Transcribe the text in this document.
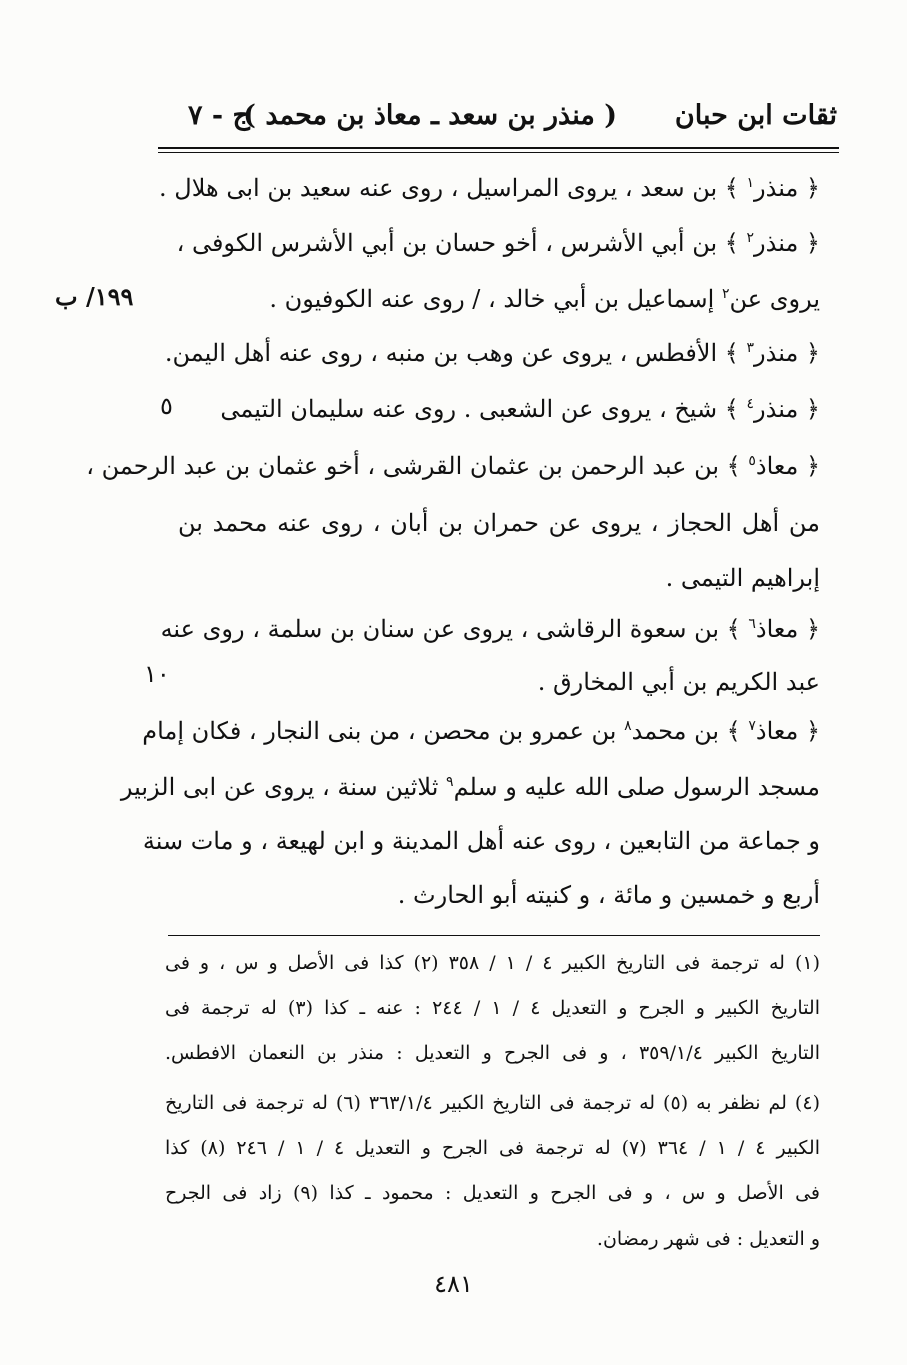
ثقات ابن حبان
( منذر بن سعد ـ معاذ بن محمد )
ج - ٧
١٩٩/ ب
٥
١٠
﴿ منذر$^١$ ﴾ بن سعد ، يروى المراسيل ، روى عنه سعيد بن ابى هلال .
﴿ منذر$^٢$ ﴾ بن أبي الأشرس ، أخو حسان بن أبي الأشرس الكوفى ،
يروى عن$^٢$ إسماعيل بن أبي خالد ، / روى عنه الكوفيون .
﴿ منذر$^٣$ ﴾ الأفطس ، يروى عن وهب بن منبه ، روى عنه أهل اليمن.
﴿ منذر$^٤$ ﴾ شيخ ، يروى عن الشعبى . روى عنه سليمان التيمى
﴿ معاذ$^٥$ ﴾ بن عبد الرحمن بن عثمان القرشى ، أخو عثمان بن عبد الرحمن ،
من أهل الحجاز ، يروى عن حمران بن أبان ، روى عنه محمد بن
إبراهيم التيمى .
﴿ معاذ$^٦$ ﴾ بن سعوة الرقاشى ، يروى عن سنان بن سلمة ، روى عنه
عبد الكريم بن أبي المخارق .
﴿ معاذ$^٧$ ﴾ بن محمد$^٨$ بن عمرو بن محصن ، من بنى النجار ، فكان إمام
مسجد الرسول صلى الله عليه و سلم$^٩$ ثلاثين سنة ، يروى عن ابى الزبير
و جماعة من التابعين ، روى عنه أهل المدينة و ابن لهيعة ، و مات سنة
أربع و خمسين و مائة ، و كنيته أبو الحارث .
(١) له ترجمة فى التاريخ الكبير ٤ / ١ / ٣٥٨ (٢) كذا فى الأصل و س ، و فى
التاريخ الكبير و الجرح و التعديل ٤ / ١ / ٢٤٤ : عنه ـ كذا (٣) له ترجمة فى
التاريخ الكبير ٣٥٩/١/٤ ، و فى الجرح و التعديل : منذر بن النعمان الافطس.
(٤) لم نظفر به (٥) له ترجمة فى التاريخ الكبير ٣٦٣/١/٤ (٦) له ترجمة فى التاريخ
الكبير ٤ / ١ / ٣٦٤ (٧) له ترجمة فى الجرح و التعديل ٤ / ١ / ٢٤٦ (٨) كذا
فى الأصل و س ، و فى الجرح و التعديل : محمود ـ كذا (٩) زاد فى الجرح
و التعديل : فى شهر رمضان.
٤٨١
